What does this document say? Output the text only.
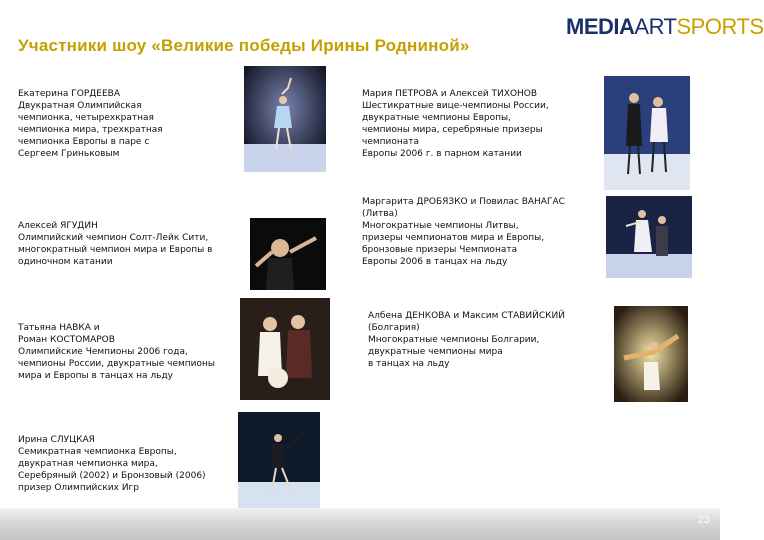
Участники шоу «Великие победы Ирины Родниной»
MEDIAARTSPORTS
Екатерина ГОРДЕЕВА
Двукратная Олимпийская
чемпионка, четырехкратная
чемпионка мира, трехкратная
чемпионка Европы в паре с
Сергеем Гриньковым
Мария ПЕТРОВА и Алексей ТИХОНОВ
Шестикратные вице-чемпионы России,
двукратные чемпионы Европы,
чемпионы мира, серебряные призеры чемпионата
Европы 2006 г. в парном катании
Алексей ЯГУДИН
Олимпийский чемпион Солт-Лейк Сити,
многократный чемпион мира и Европы в
одиночном катании
Маргарита ДРОБЯЗКО и Повилас ВАНАГАС
(Литва)
Многократные чемпионы Литвы,
призеры чемпионатов мира и Европы,
бронзовые призеры Чемпионата
Европы 2006 в танцах на льду
Татьяна НАВКА и
Роман КОСТОМАРОВ
Олимпийские Чемпионы 2006 года,
чемпионы России, двукратные чемпионы
мира и Европы в танцах на льду
Албена ДЕНКОВА и Максим СТАВИЙСКИЙ
(Болгария)
Многократные чемпионы Болгарии,
двукратные чемпионы мира
в танцах на льду
Ирина СЛУЦКАЯ
Семикратная чемпионка Европы,
двукратная чемпионка мира,
Серебряный (2002) и Бронзовый (2006)
призер Олимпийских Игр
23
